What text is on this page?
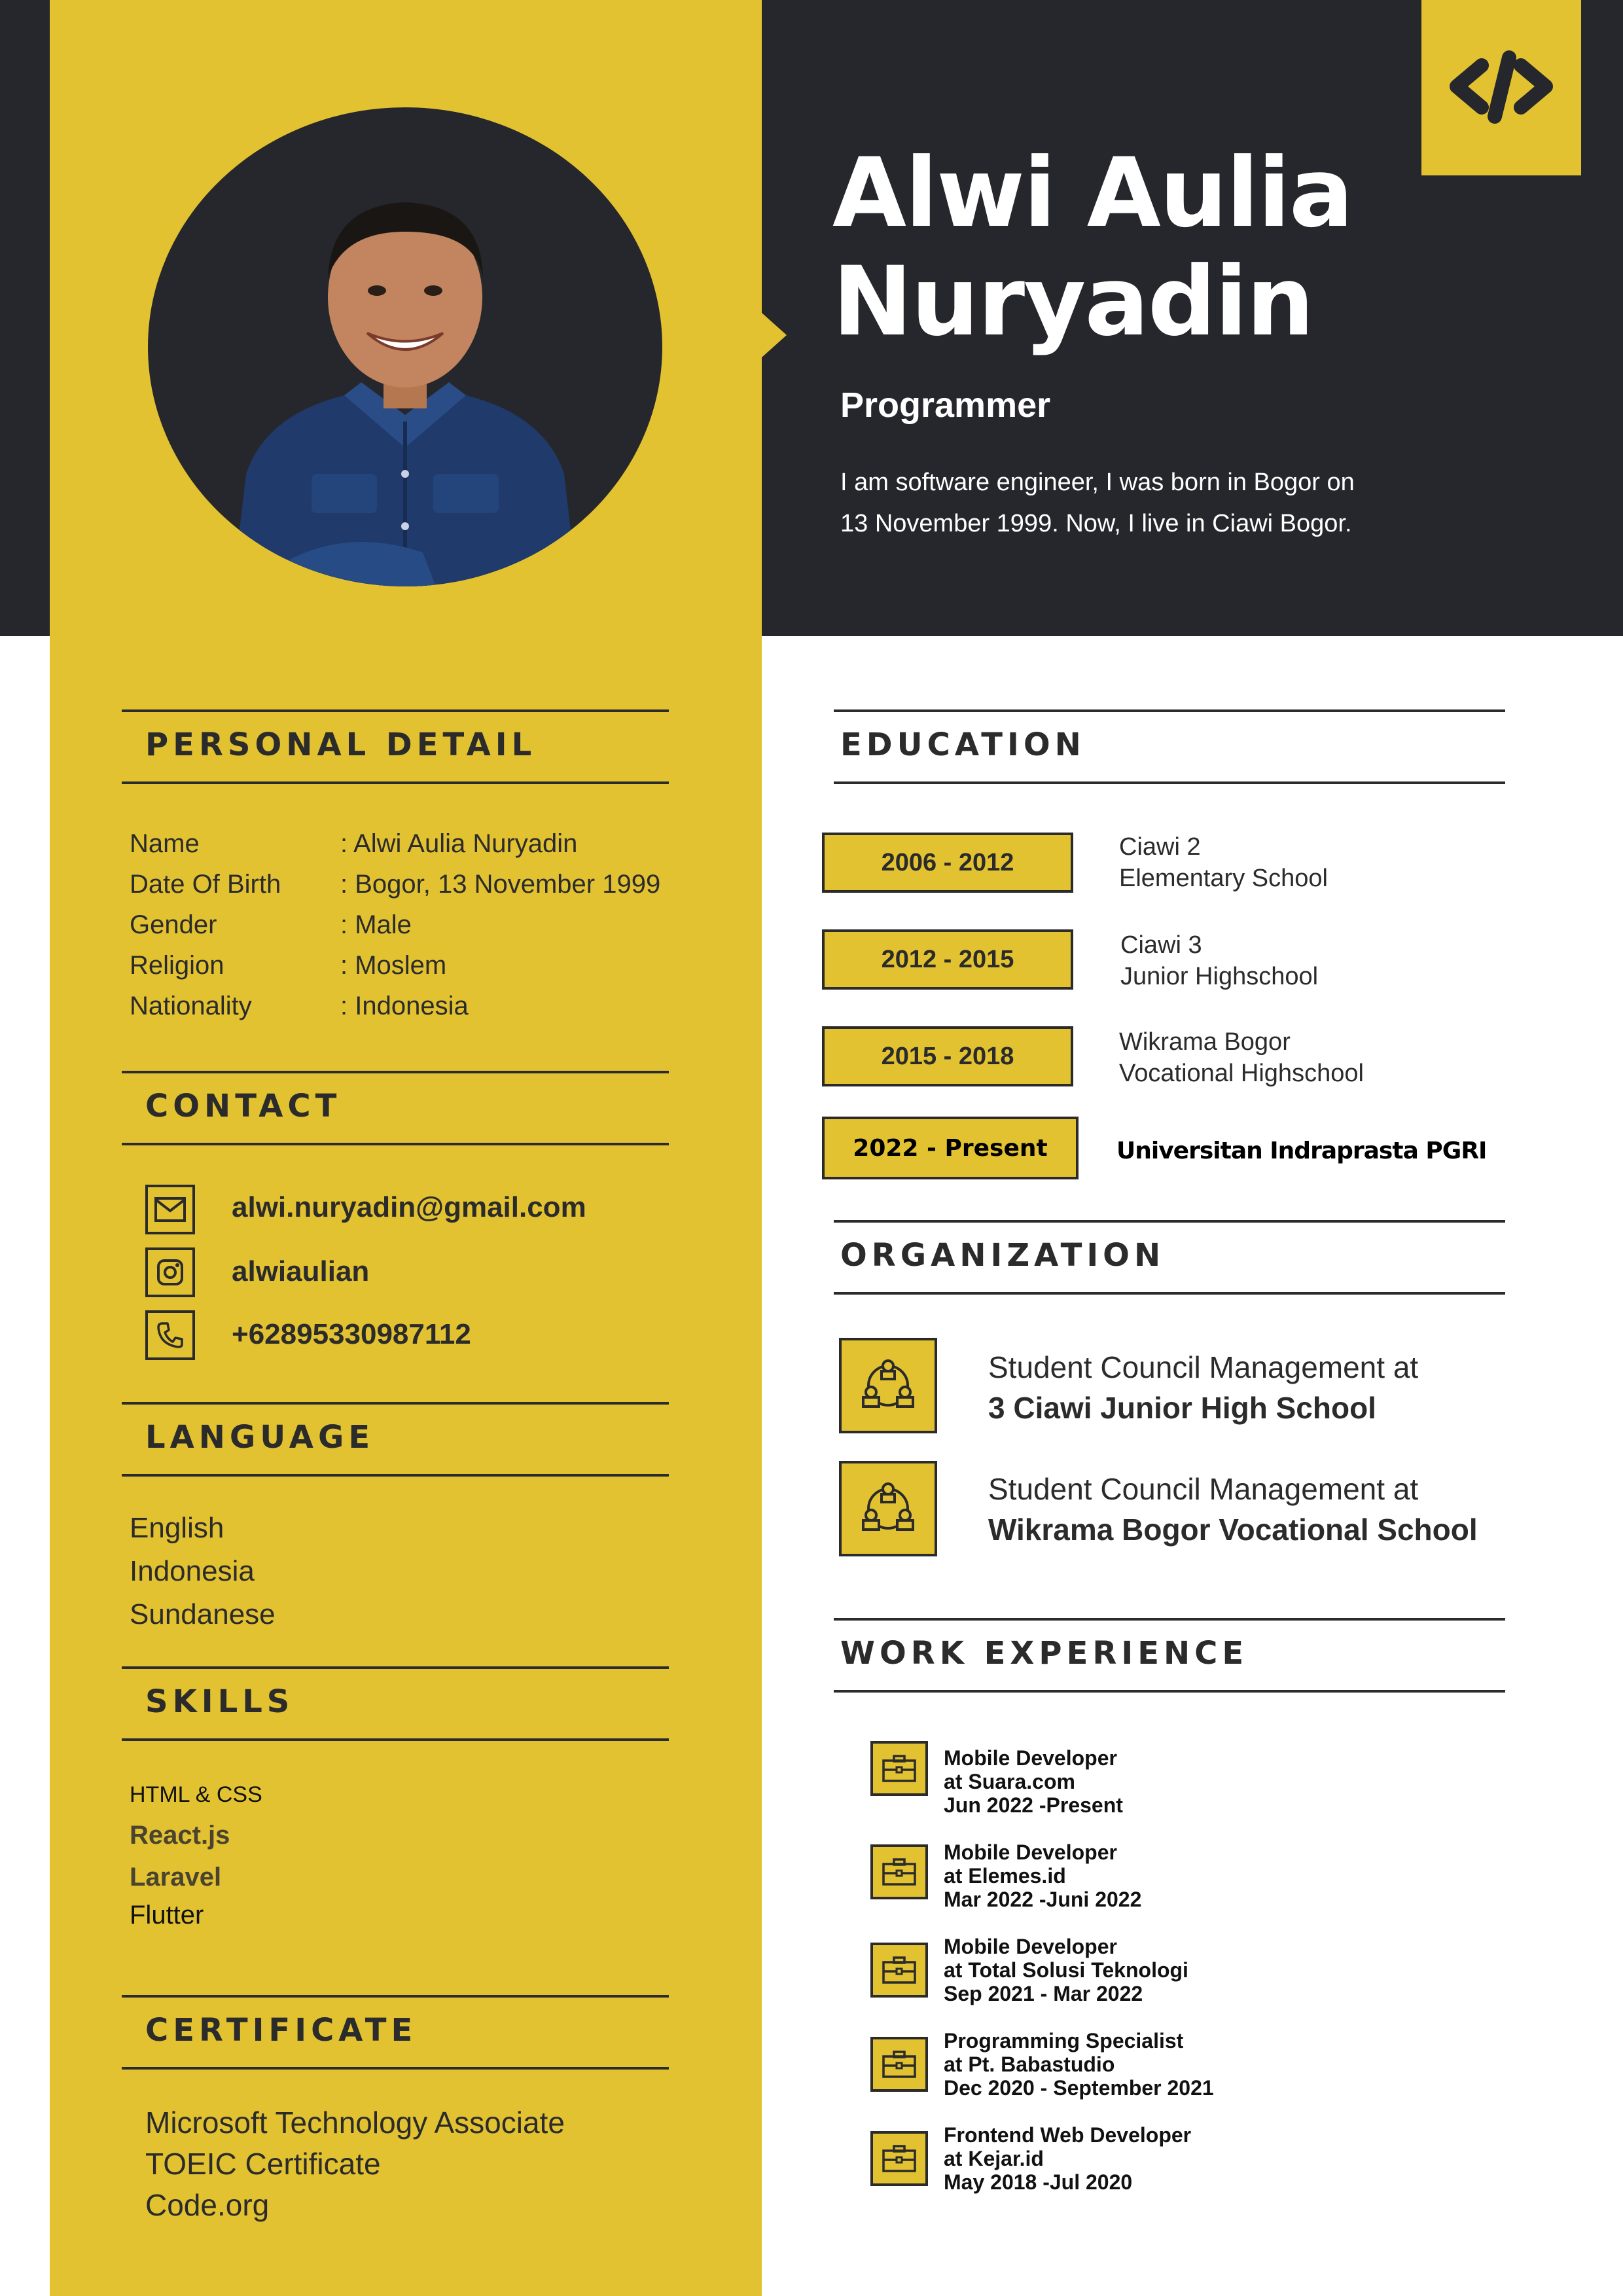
Alwi Aulia
Nuryadin
Programmer
I am software engineer, I was born in Bogor on
13 November 1999. Now, I live in Ciawi Bogor.
PERSONAL DETAIL
Name	: Alwi Aulia Nuryadin
Date Of Birth : Bogor, 13 November 1999
Gender	: Male
Religion	: Moslem
Nationality	: Indonesia
CONTACT
alwi.nuryadin@gmail.com
alwiaulian
+62895330987112
LANGUAGE
English
Indonesia
Sundanese
SKILLS
HTML & CSS
React.js
Laravel
Flutter
CERTIFICATE
Microsoft Technology Associate
TOEIC Certificate
Code.org
EDUCATION
2006 - 2012
Ciawi 2
Elementary School
2012 - 2015
Ciawi 3
Junior Highschool
2015 - 2018
Wikrama Bogor
Vocational Highschool
2022 - Present	Universitan Indraprasta PGRI
ORGANIZATION
Student Council Management at
3 Ciawi Junior High School
Student Council Management at
Wikrama Bogor Vocational School
WORK EXPERIENCE
Mobile Developer
at Suara.com
Jun 2022 -Present
Mobile Developer
at Elemes.id
Mar 2022 -Juni 2022
Mobile Developer
at Total Solusi Teknologi
Sep 2021 - Mar 2022
Programming Specialist
at Pt. Babastudio
Dec 2020 - September 2021
Frontend Web Developer
at Kejar.id
May 2018 -Jul 2020
